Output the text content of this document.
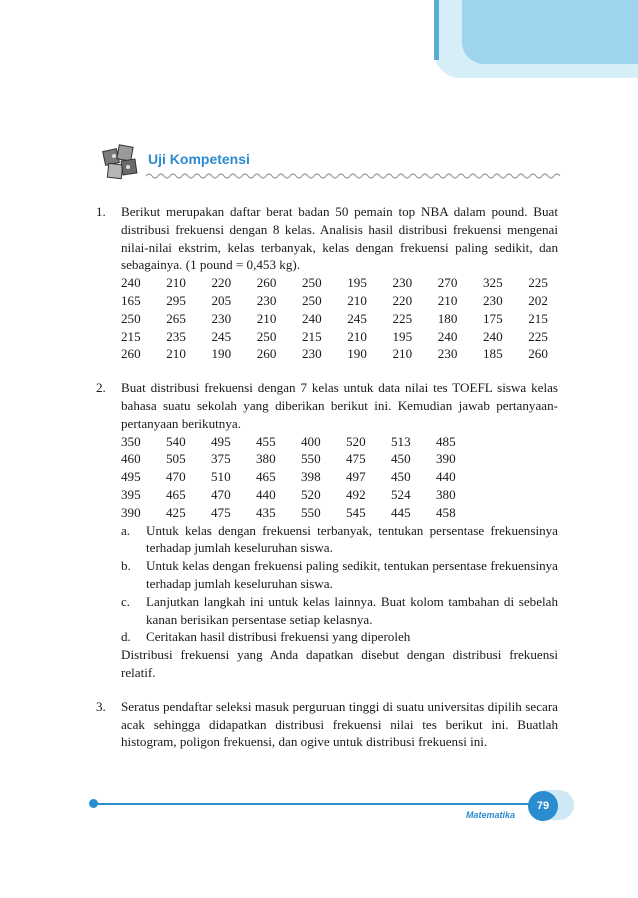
Uji Kompetensi
1. Berikut merupakan daftar berat badan 50 pemain top NBA dalam pound. Buat distribusi frekuensi dengan 8 kelas. Analisis hasil distribusi frekuensi mengenai nilai-nilai ekstrim, kelas terbanyak, kelas dengan frekuensi paling sedikit, dan sebagainya. (1 pound = 0,453 kg).
240	210	220	260	250	195	230	270	325	225
165	295	205	230	250	210	220	210	230	202
250	265	230	210	240	245	225	180	175	215
215	235	245	250	215	210	195	240	240	225
260	210	190	260	230	190	210	230	185	260
2. Buat distribusi frekuensi dengan 7 kelas untuk data nilai tes TOEFL siswa kelas bahasa suatu sekolah yang diberikan berikut ini. Kemudian jawab pertanyaan-pertanyaan berikutnya.
350	540	495	455	400	520	513	485
460	505	375	380	550	475	450	390
495	470	510	465	398	497	450	440
395	465	470	440	520	492	524	380
390	425	475	435	550	545	445	458
a. Untuk kelas dengan frekuensi terbanyak, tentukan persentase frekuensinya terhadap jumlah keseluruhan siswa.
b. Untuk kelas dengan frekuensi paling sedikit, tentukan persentase frekuensinya terhadap jumlah keseluruhan siswa.
c. Lanjutkan langkah ini untuk kelas lainnya. Buat kolom tambahan di sebelah kanan berisikan persentase setiap kelasnya.
d. Ceritakan hasil distribusi frekuensi yang diperoleh
Distribusi frekuensi yang Anda dapatkan disebut dengan distribusi frekuensi relatif.
3. Seratus pendaftar seleksi masuk perguruan tinggi di suatu universitas dipilih secara acak sehingga didapatkan distribusi frekuensi nilai tes berikut ini. Buatlah histogram, poligon frekuensi, dan ogive untuk distribusi frekuensi ini.
Matematika
79
